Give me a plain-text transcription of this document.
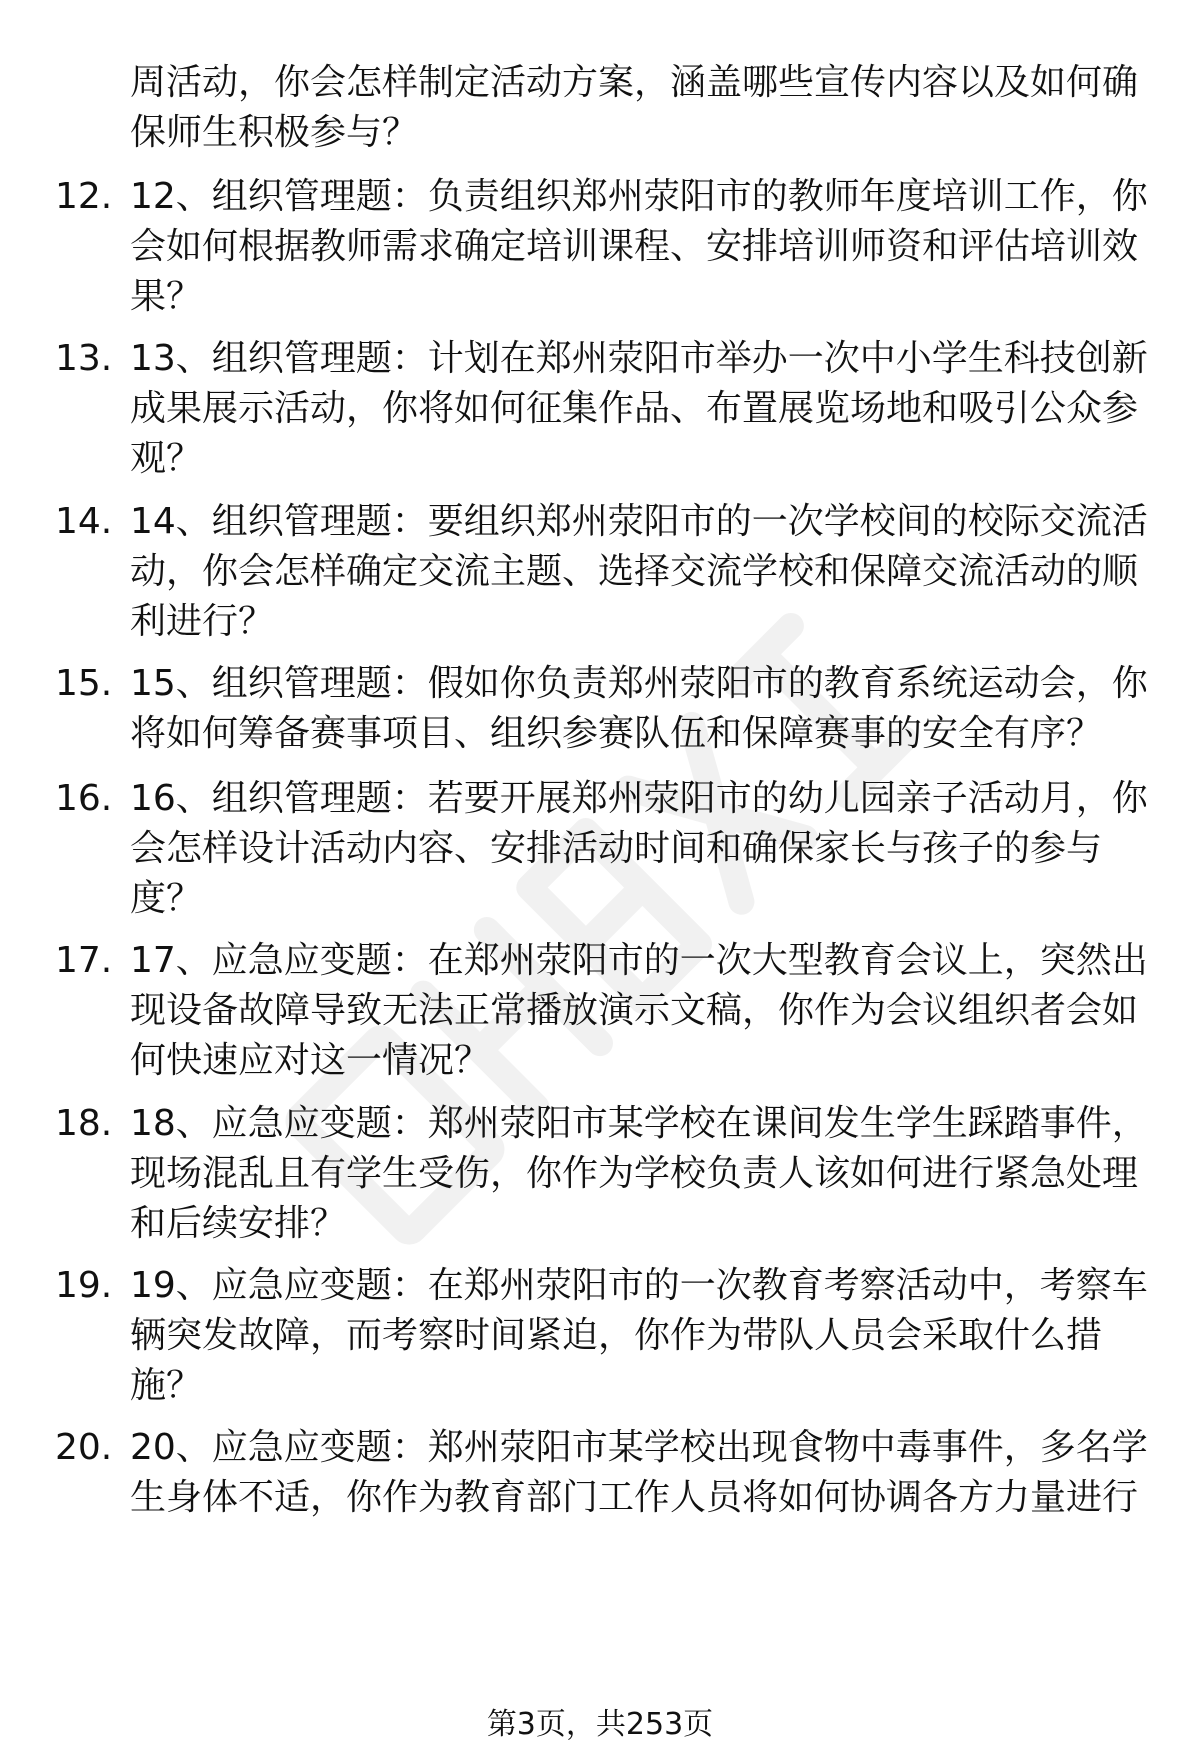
周活动，你会怎样制定活动方案，涵盖哪些宣传内容以及如何确
保师生积极参与？
12. 12、组织管理题：负责组织郑州荥阳市的教师年度培训工作，你
会如何根据教师需求确定培训课程、安排培训师资和评估培训效
果？
13. 13、组织管理题：计划在郑州荥阳市举办一次中小学生科技创新
成果展示活动，你将如何征集作品、布置展览场地和吸引公众参
观？
14. 14、组织管理题：要组织郑州荥阳市的一次学校间的校际交流活
动，你会怎样确定交流主题、选择交流学校和保障交流活动的顺
利进行？
15. 15、组织管理题：假如你负责郑州荥阳市的教育系统运动会，你
将如何筹备赛事项目、组织参赛队伍和保障赛事的安全有序？
16. 16、组织管理题：若要开展郑州荥阳市的幼儿园亲子活动月，你
会怎样设计活动内容、安排活动时间和确保家长与孩子的参与
度？
17. 17、应急应变题：在郑州荥阳市的一次大型教育会议上，突然出
现设备故障导致无法正常播放演示文稿，你作为会议组织者会如
何快速应对这一情况？
18. 18、应急应变题：郑州荥阳市某学校在课间发生学生踩踏事件，
现场混乱且有学生受伤，你作为学校负责人该如何进行紧急处理
和后续安排？
19. 19、应急应变题：在郑州荥阳市的一次教育考察活动中，考察车
辆突发故障，而考察时间紧迫，你作为带队人员会采取什么措
施？
20. 20、应急应变题：郑州荥阳市某学校出现食物中毒事件，多名学
生身体不适，你作为教育部门工作人员将如何协调各方力量进行
第3页，共253页
